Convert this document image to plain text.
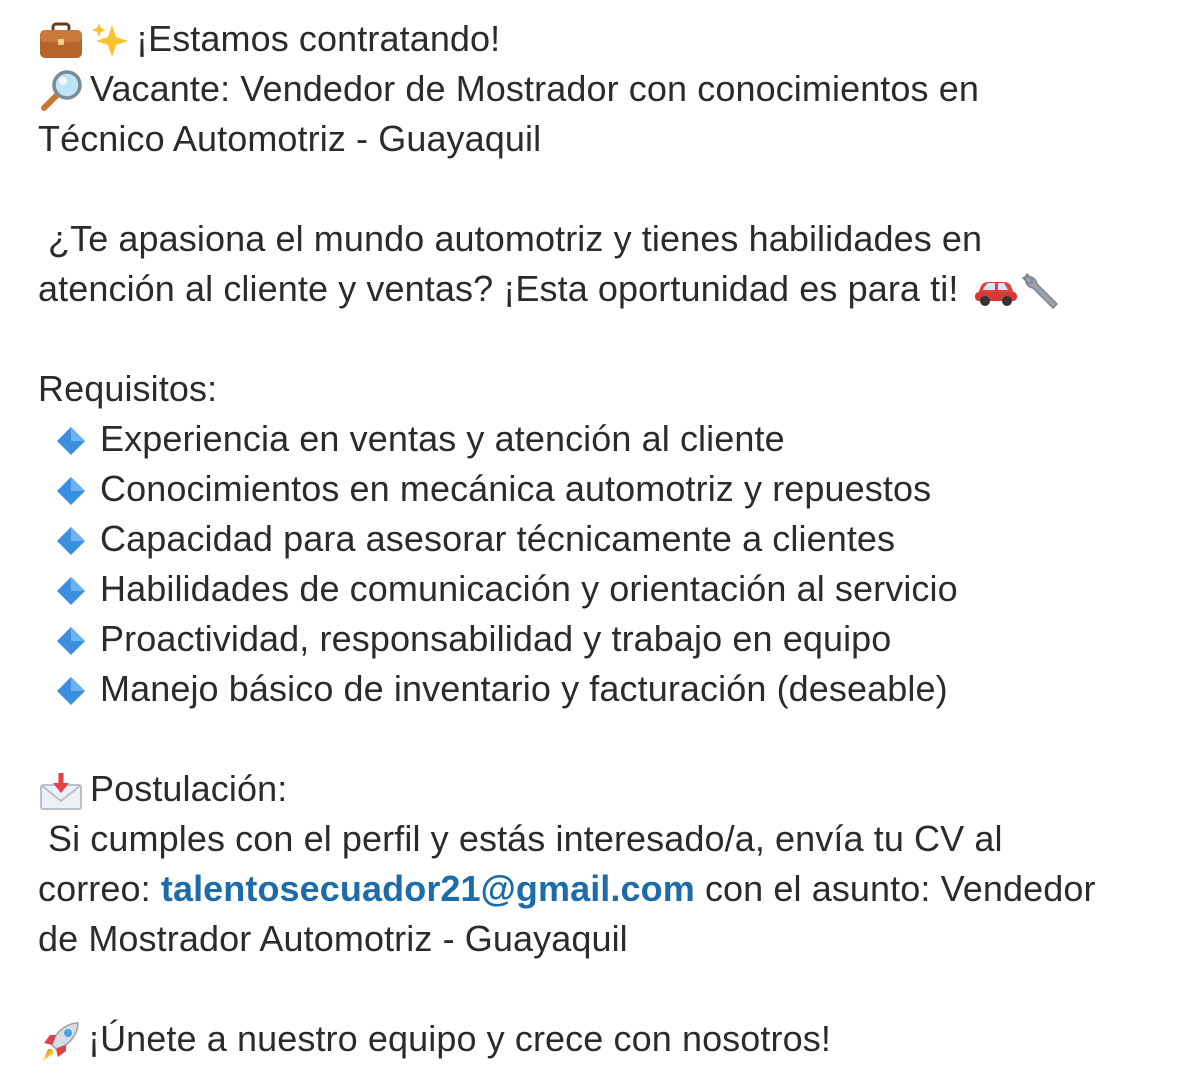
¡Estamos contratando!
Vacante: Vendedor de Mostrador con conocimientos en
Técnico Automotriz - Guayaquil
¿Te apasiona el mundo automotriz y tienes habilidades en
atención al cliente y ventas? ¡Esta oportunidad es para ti!
Requisitos:
Experiencia en ventas y atención al cliente
Conocimientos en mecánica automotriz y repuestos
Capacidad para asesorar técnicamente a clientes
Habilidades de comunicación y orientación al servicio
Proactividad, responsabilidad y trabajo en equipo
Manejo básico de inventario y facturación (deseable)
Postulación:
Si cumples con el perfil y estás interesado/a, envía tu CV al
correo: talentosecuador21@gmail.com con el asunto: Vendedor
de Mostrador Automotriz - Guayaquil
¡Únete a nuestro equipo y crece con nosotros!
